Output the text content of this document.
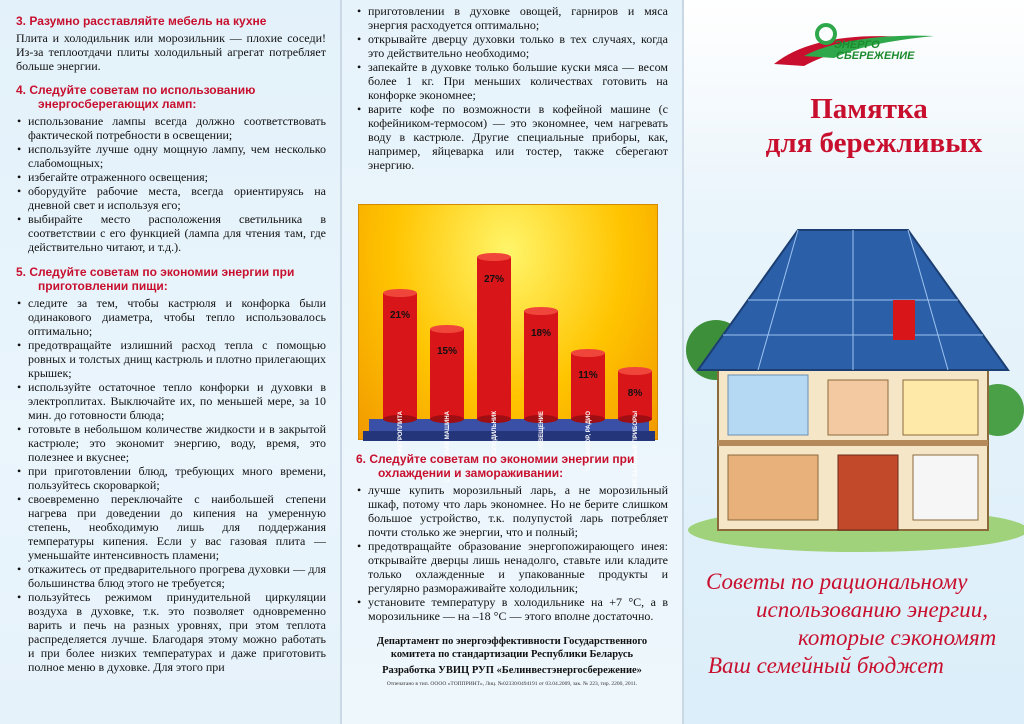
3. Разумно расставляйте мебель на кухне
Плита и холодильник или морозильник — плохие соседи! Из-за теплоотдачи плиты холодильный агрегат потребляет больше энергии.
4. Следуйте советам по использованию
энергосберегающих ламп:
• использование лампы всегда должно соответствовать фактической потребности в освещении;
• используйте лучше одну мощную лампу, чем несколько слабомощных;
• избегайте отраженного освещения;
• оборудуйте рабочие места, всегда ориентируясь на дневной свет и используя его;
• выбирайте место расположения светильника в соответствии с его функцией (лампа для чтения там, где действительно читают, и т.д.).
5. Следуйте советам по экономии энергии при
приготовлении пищи:
• следите за тем, чтобы кастрюля и конфорка были одинакового диаметра, чтобы тепло использовалось оптимально;
• предотвращайте излишний расход тепла с помощью ровных и толстых днищ кастрюль и плотно прилегающих крышек;
• используйте остаточное тепло конфорки и духовки в электроплитах. Выключайте их, по меньшей мере, за 10 мин. до готовности блюда;
• готовьте в небольшом количестве жидкости и в закрытой кастрюле; это экономит энергию, воду, время, это полезнее и вкуснее;
• при приготовлении блюд, требующих много времени, пользуйтесь скороваркой;
• своевременно переключайте с наибольшей степени нагрева при доведении до кипения на умеренную степень, необходимую лишь для поддержания температуры кипения. Если у вас газовая плита — уменьшайте интенсивность пламени;
• откажитесь от предварительного прогрева духовки — для большинства блюд этого не требуется;
• пользуйтесь режимом принудительной циркуляции воздуха в духовке, т.к. это позволяет одновременно варить и печь на разных уровнях, при этом теплота распределяется лучше. Благодаря этому можно работать и при более низких температурах и даже приготовить полное меню в духовке. Для этого при
• приготовлении в духовке овощей, гарниров и мяса энергия расходуется оптимально;
• открывайте дверцу духовки только в тех случаях, когда это действительно необходимо;
• запекайте в духовке только большие куски мяса — весом более 1 кг. При меньших количествах готовить на конфорке экономнее;
• варите кофе по возможности в кофейной машине (с кофейником-термосом) — это экономнее, чем нагревать воду в кастрюле. Другие специальные приборы, как, например, яйцеварка или тостер, также сберегают энергию.
21%
ЭЛЕКТРОПЛИТА
15%
СТИРАЛЬНАЯ МАШИНА
27%
ХОЛОДИЛЬНИК
18%
ОСВЕЩЕНИЕ
11%
ТЕЛЕВИЗОР, РАДИО
8%
ПРОЧИЕ БЫТОВЫЕ ПРИБОРЫ
6. Следуйте советам по экономии энергии при
охлаждении и замораживании:
• лучше купить морозильный ларь, а не морозильный шкаф, потому что ларь экономнее. Но не берите слишком большое устройство, т.к. полупустой ларь потребляет почти столько же энергии, что и полный;
• предотвращайте образование энергопожирающего инея: открывайте дверцы лишь ненадолго, ставьте или кладите только охлажденные и упакованные продукты и регулярно размораживайте холодильник;
• установите температуру в холодильнике на +7 °С, а в морозильнике — на –18 °С — этого вполне достаточно.
Департамент по энергоэффективности Государственного
комитета по стандартизации Республики Беларусь
Разработка УВИЦ РУП «Белинвестэнергосбережение»
Отпечатано в тип. ОООО «ТОППРИНТ», Лиц. №02330/0494191 от 03.04.2009, зак. № 223, тир. 2200, 2011.
ЭНЕРГО
СБЕРЕЖЕНИЕ
Памятка
для бережливых
Советы по рациональному
использованию энергии,
которые сэкономят
Ваш семейный бюджет
